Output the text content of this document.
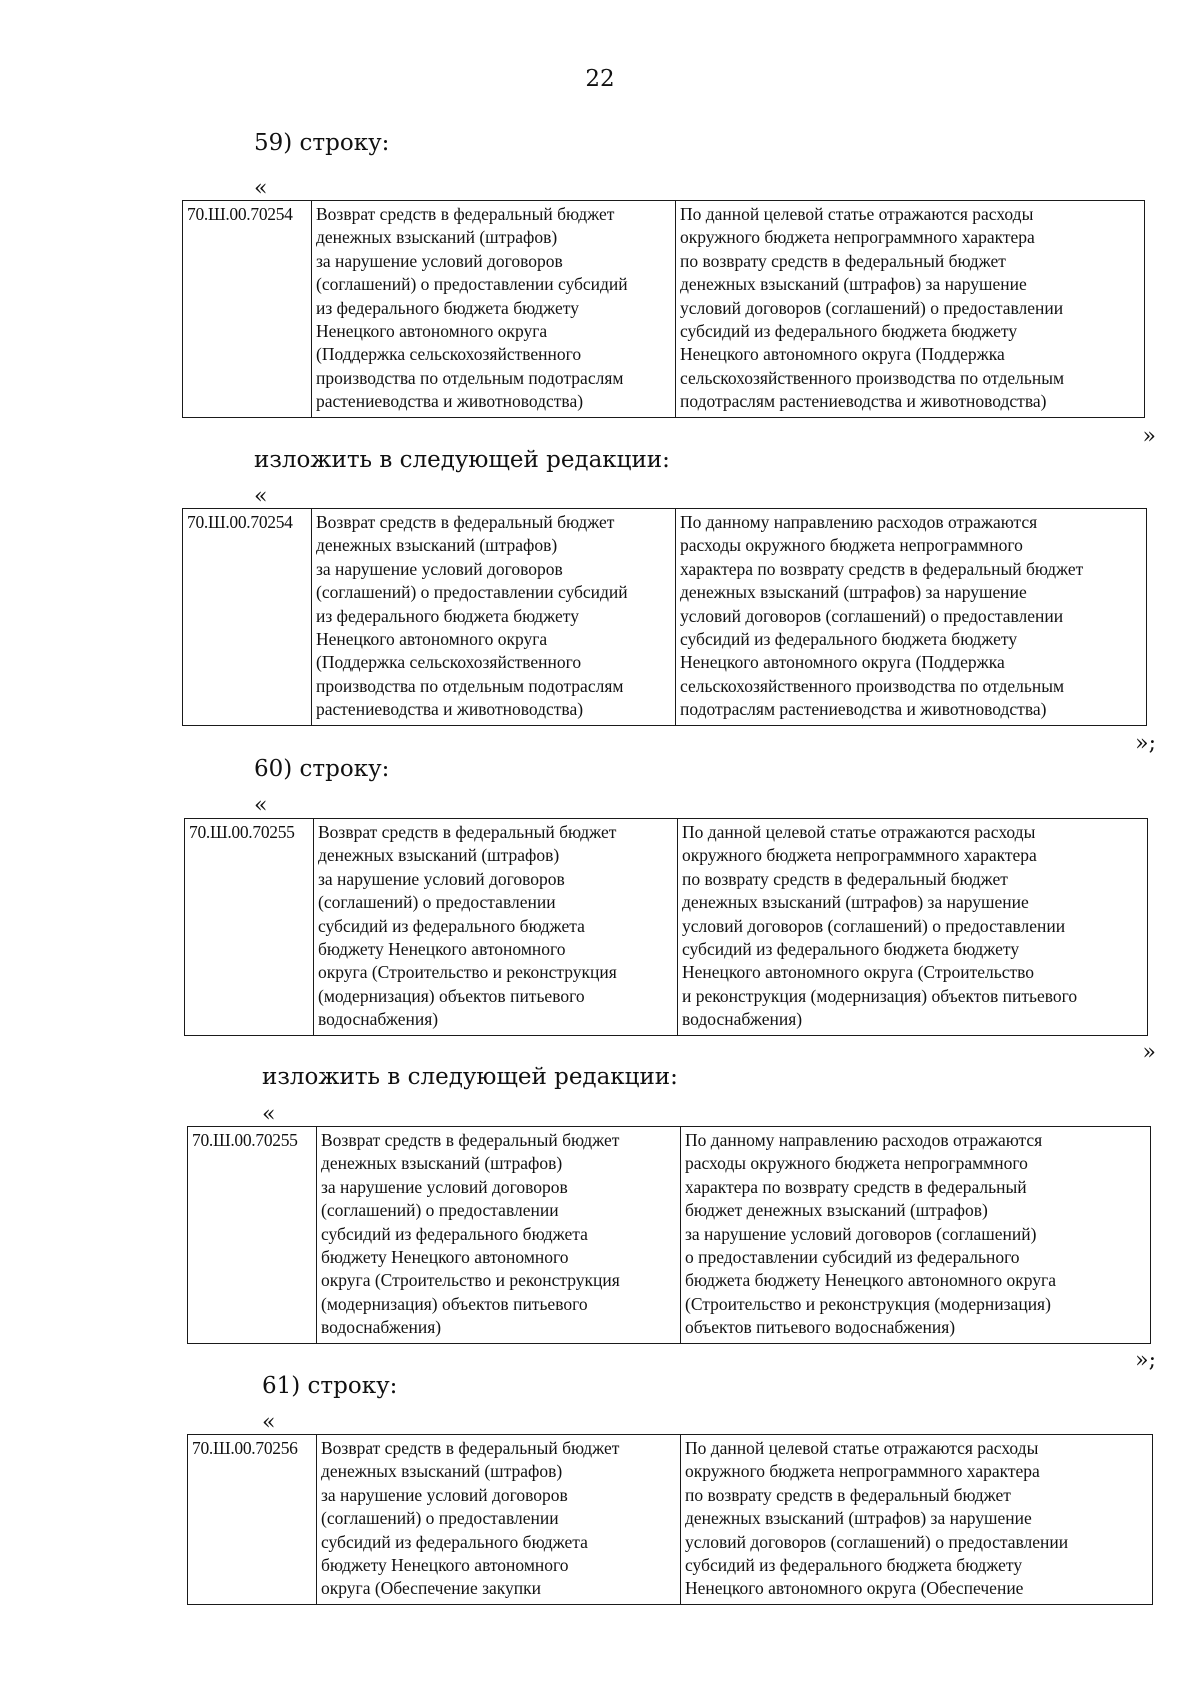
22
59) строку:
«
70.Ш.00.70254	Возврат средств в федеральный бюджет
денежных взысканий (штрафов)
за нарушение условий договоров
(соглашений) о предоставлении субсидий
из федерального бюджета бюджету
Ненецкого автономного округа
(Поддержка сельскохозяйственного
производства по отдельным подотраслям
растениеводства и животноводства)

По данной целевой статье отражаются расходы
окружного бюджета непрограммного характера
по возврату средств в федеральный бюджет
денежных взысканий (штрафов) за нарушение
условий договоров (соглашений) о предоставлении
субсидий из федерального бюджета бюджету
Ненецкого автономного округа (Поддержка
сельскохозяйственного производства по отдельным
подотраслям растениеводства и животноводства)
»
изложить в следующей редакции:
«
70.Ш.00.70254	Возврат средств в федеральный бюджет
денежных взысканий (штрафов)
за нарушение условий договоров
(соглашений) о предоставлении субсидий
из федерального бюджета бюджету
Ненецкого автономного округа
(Поддержка сельскохозяйственного
производства по отдельным подотраслям
растениеводства и животноводства)

По данному направлению расходов отражаются
расходы окружного бюджета непрограммного
характера по возврату средств в федеральный бюджет
денежных взысканий (штрафов) за нарушение
условий договоров (соглашений) о предоставлении
субсидий из федерального бюджета бюджету
Ненецкого автономного округа (Поддержка
сельскохозяйственного производства по отдельным
подотраслям растениеводства и животноводства)
»;
60) строку:
«
70.Ш.00.70255	Возврат средств в федеральный бюджет
денежных взысканий (штрафов)
за нарушение условий договоров
(соглашений) о предоставлении
субсидий из федерального бюджета
бюджету Ненецкого автономного
округа (Строительство и реконструкция
(модернизация) объектов питьевого
водоснабжения)

По данной целевой статье отражаются расходы
окружного бюджета непрограммного характера
по возврату средств в федеральный бюджет
денежных взысканий (штрафов) за нарушение
условий договоров (соглашений) о предоставлении
субсидий из федерального бюджета бюджету
Ненецкого автономного округа (Строительство
и реконструкция (модернизация) объектов питьевого
водоснабжения)
»
изложить в следующей редакции:
«
70.Ш.00.70255	Возврат средств в федеральный бюджет
денежных взысканий (штрафов)
за нарушение условий договоров
(соглашений) о предоставлении
субсидий из федерального бюджета
бюджету Ненецкого автономного
округа (Строительство и реконструкция
(модернизация) объектов питьевого
водоснабжения)

По данному направлению расходов отражаются
расходы окружного бюджета непрограммного
характера по возврату средств в федеральный
бюджет денежных взысканий (штрафов)
за нарушение условий договоров (соглашений)
о предоставлении субсидий из федерального
бюджета бюджету Ненецкого автономного округа
(Строительство и реконструкция (модернизация)
объектов питьевого водоснабжения)
»;
61) строку:
«
70.Ш.00.70256	Возврат средств в федеральный бюджет
денежных взысканий (штрафов)
за нарушение условий договоров
(соглашений) о предоставлении
субсидий из федерального бюджета
бюджету Ненецкого автономного
округа (Обеспечение закупки

По данной целевой статье отражаются расходы
окружного бюджета непрограммного характера
по возврату средств в федеральный бюджет
денежных взысканий (штрафов) за нарушение
условий договоров (соглашений) о предоставлении
субсидий из федерального бюджета бюджету
Ненецкого автономного округа (Обеспечение
